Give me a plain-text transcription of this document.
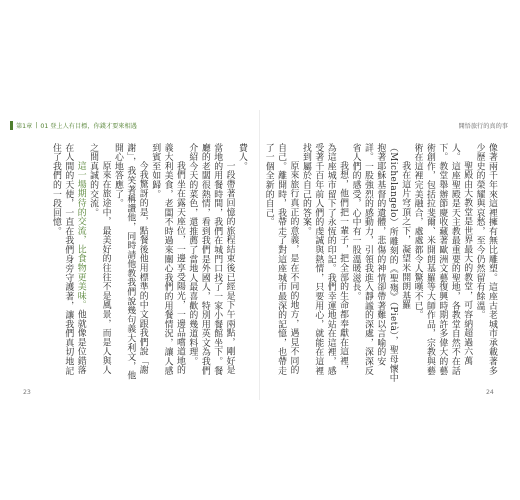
第1章 | 01 登上人有目標，你錢才要來相遇	開悟旅行的真的事

像著兩千年來這裡擁有無比雕塑。這座古老城市承載著多少歷史的榮耀與哀愁，至今仍然留有餘溫。

聖殿由大教堂是世界最大的教堂，可容納超過六萬人。這座聖殿是天主教最重要的聖地，各教堂自然不在話下。教堂舉辦節慶收藏著歐洲文藝復興時期許多偉大的藝術創作，包括拉斐爾、米開朗基羅等大師作品，宗教與藝術在這裡完美融合，處處都令人驚嘆不已。

我在這片穹頂之下，凝望米開朗基羅（Michelangelo）所雕刻的《聖殤》（Pietà），聖母懷中抱著耶穌基督的遺體，悲傷的神情卻帶著難以言喻的安詳。一股強烈的感動力，引領我進入靜謐的深處，深深反省人們的感受，心中有一股溫暖滋長。

我想，他們把一輩子，把全部的生命都奉獻在這裡，為這座城市留下了永恆的印記。我們幸運地站在這裡，感受著千百年前人們的虔誠與熱情，只要用心，就能在這裡找到屬於自己的答案。

原來旅行真正的意義，是在不同的地方，遇見不同的自己。離開時，我帶走了對這座城市最深的記憶，也帶走了一個全新的自己。

費人。

一段帶著回憶的旅程結束後已經是下午兩點，剛好是當地的用餐時間，我們在城門口找了一家小餐館坐下。餐廳的老闆很熱情，看到我們是外國人，特別用英文為我們介紹今天的菜色，還推薦了當地人最喜歡的幾道料理。

我們坐在露天座位，一邊享受陽光，一邊品嚐道地的義大利美食，老闆不時過來關心我們的用餐情況，讓人感到賓至如歸。

今我驚訝的是，點餐後他用標準的中文跟我們說「謝謝」，我笑著稱讚他，同時請他教我們說幾句義大利文，他開心地答應了。

原來在旅途中，最美好的往往不是風景，而是人與人之間真誠的交流。

這一場期待的交流，比食物更美味。他就像是位錯落在人間的天使，一直在我們身旁守護著，讓我們真切地記住了我們的一段回憶。

23	24
